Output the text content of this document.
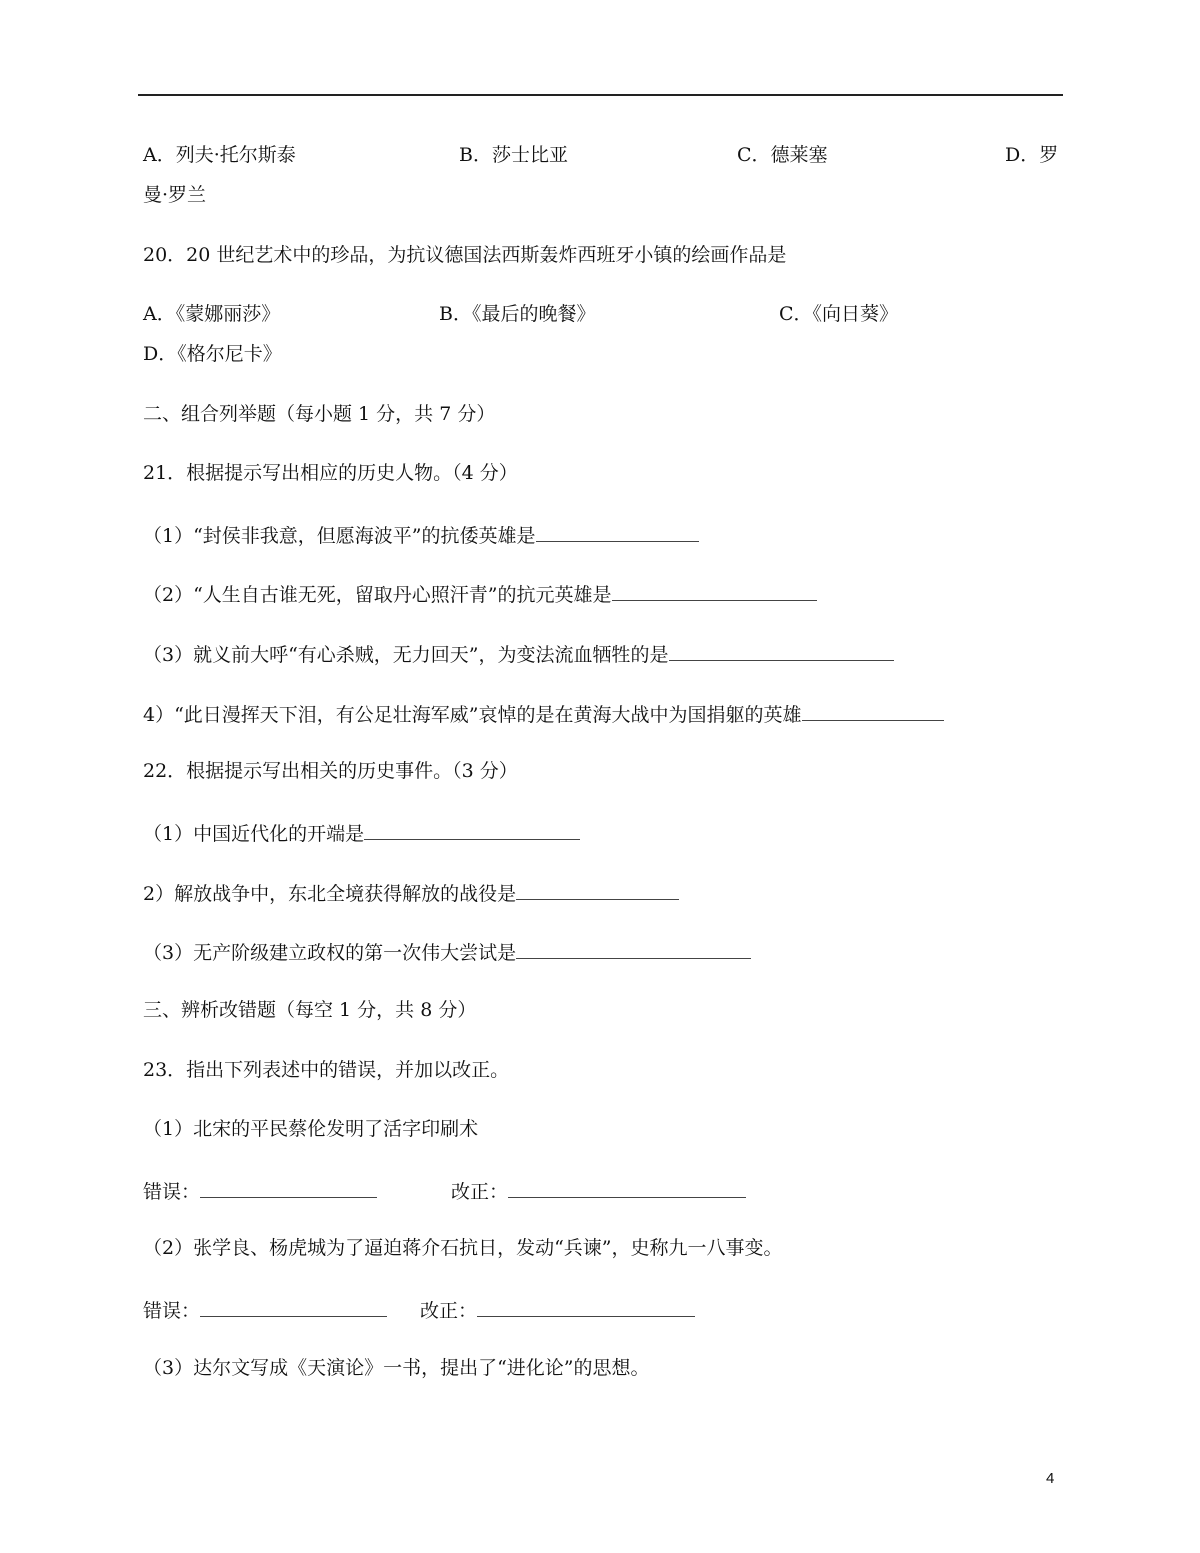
A．列夫·托尔斯泰	B．莎士比亚	C．德莱塞	D．罗
曼·罗兰
20．20 世纪艺术中的珍品，为抗议德国法西斯轰炸西班牙小镇的绘画作品是
A．《蒙娜丽莎》	B．《最后的晚餐》	C．《向日葵》
D．《格尔尼卡》
二、组合列举题（每小题 1 分，共 7 分）
21．根据提示写出相应的历史人物。（4 分）
（1）“封侯非我意，但愿海波平”的抗倭英雄是
（2）“人生自古谁无死，留取丹心照汗青”的抗元英雄是
（3）就义前大呼“有心杀贼，无力回天”，为变法流血牺牲的是
4）“此日漫挥天下泪，有公足壮海军威”哀悼的是在黄海大战中为国捐躯的英雄
22．根据提示写出相关的历史事件。（3 分）
（1）中国近代化的开端是
2）解放战争中，东北全境获得解放的战役是
（3）无产阶级建立政权的第一次伟大尝试是
三、辨析改错题（每空 1 分，共 8 分）
23．指出下列表述中的错误，并加以改正。
（1）北宋的平民蔡伦发明了活字印刷术
错误：	改正：
（2）张学良、杨虎城为了逼迫蒋介石抗日，发动“兵谏”，史称九一八事变。
错误：	改正：
（3）达尔文写成《天演论》一书，提出了“进化论”的思想。
4
